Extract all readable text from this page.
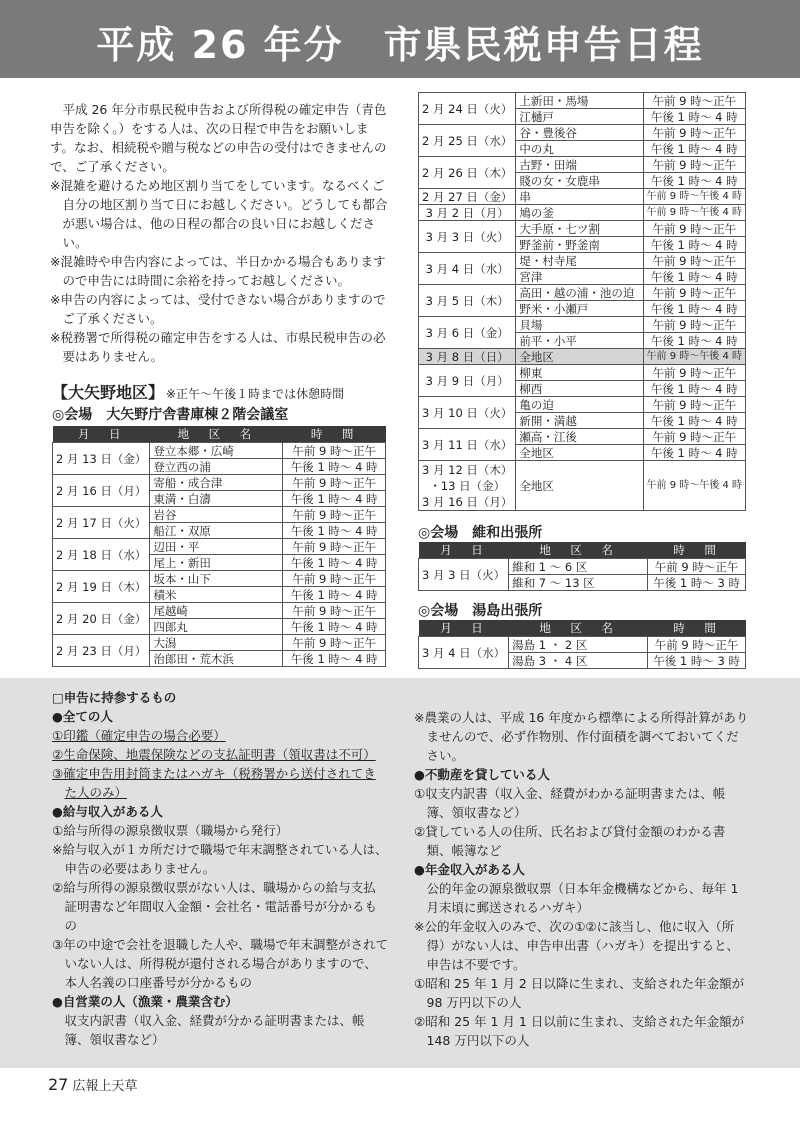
平成 26 年分　市県民税申告日程

平成 26 年分市県民税申告および所得税の確定申告（青色申告を除く。）をする人は、次の日程で申告をお願いします。なお、相続税や贈与税などの申告の受付はできませんので、ご了承ください。

※混雑を避けるため地区割り当てをしています。なるべくご自分の地区割り当て日にお越しください。どうしても都合が悪い場合は、他の日程の都合の良い日にお越しください。
※混雑時や申告内容によっては、半日かかる場合もありますので申告には時間に余裕を持ってお越しください。
※申告の内容によっては、受付できない場合がありますのでご了承ください。
※税務署で所得税の確定申告をする人は、市県民税申告の必要はありません。
【大矢野地区】 ※正午～午後１時までは休憩時間
◎会場　大矢野庁舎書庫棟２階会議室
月　日	地　区　名	時　間
2 月 13 日（金）	登立本郷・広崎	午前 9 時～正午
	登立西の浦	午後 1 時～ 4 時
2 月 16 日（月）	寄船・成合津	午前 9 時～正午
	東満・白濤	午後 1 時～ 4 時
2 月 17 日（火）	岩谷	午前 9 時～正午
	船江・双原	午後 1 時～ 4 時
2 月 18 日（水）	辺田・平	午前 9 時～正午
	尾上・新田	午後 1 時～ 4 時
2 月 19 日（木）	坂本・山下	午前 9 時～正午
	積米	午後 1 時～ 4 時
2 月 20 日（金）	尾越崎	午前 9 時～正午
	四郎丸	午後 1 時～ 4 時
2 月 23 日（月）	大潟	午前 9 時～正午
	治郎田・荒木浜	午後 1 時～ 4 時
2 月 24 日（火）	上新田・馬場	午前 9 時～正午
	江樋戸	午後 1 時～ 4 時
2 月 25 日（水）	谷・豊後谷	午前 9 時～正午
	中の丸	午後 1 時～ 4 時
2 月 26 日（木）	古野・田端	午前 9 時～正午
	賤の女・女鹿串	午後 1 時～ 4 時
2 月 27 日（金）	串	午前 9 時～午後 4 時
3 月 2 日（月）	鳩の釜	午前 9 時～午後 4 時
3 月 3 日（火）	大手原・七ツ割	午前 9 時～正午
	野釜前・野釜南	午後 1 時～ 4 時
3 月 4 日（水）	堤・村寺尾	午前 9 時～正午
	宮津	午後 1 時～ 4 時
3 月 5 日（木）	高田・越の浦・池の迫	午前 9 時～正午
	野米・小瀬戸	午後 1 時～ 4 時
3 月 6 日（金）	貝場	午前 9 時～正午
	前平・小平	午後 1 時～ 4 時
3 月 8 日（日）	全地区	午前 9 時～午後 4 時
3 月 9 日（月）	柳東	午前 9 時～正午
	柳西	午後 1 時～ 4 時
3 月 10 日（火）	亀の迫	午前 9 時～正午
	新開・満越	午後 1 時～ 4 時
3 月 11 日（水）	瀬高・江後	午前 9 時～正午
	全地区	午後 1 時～ 4 時

3 月 12 日（木）
・13 日（金）
3 月 16 日（月）	全地区	午前 9 時～午後 4 時
◎会場　維和出張所
月　日	地　区　名	時　間
3 月 3 日（火）	維和 1 ～ 6 区	午前 9 時～正午
	維和 7 ～ 13 区	午後 1 時～ 3 時
◎会場　湯島出張所
月　日	地　区　名	時　間
3 月 4 日（水）	湯島 1 ・ 2 区	午前 9 時～正午
	湯島 3 ・ 4 区	午後 1 時～ 3 時
□申告に持参するもの
●全ての人
①印鑑（確定申告の場合必要）
②生命保険、地震保険などの支払証明書（領収書は不可）
③確定申告用封筒またはハガキ（税務署から送付されてきた人のみ）
●給与収入がある人
①給与所得の源泉徴収票（職場から発行）
※給与収入が１カ所だけで職場で年末調整されている人は、申告の必要はありません。
②給与所得の源泉徴収票がない人は、職場からの給与支払証明書など年間収入金額・会社名・電話番号が分かるもの
③年の中途で会社を退職した人や、職場で年末調整がされていない人は、所得税が還付される場合がありますので、本人名義の口座番号が分かるもの
●自営業の人（漁業・農業含む）
収支内訳書（収入金、経費が分かる証明書または、帳簿、領収書など）
※農業の人は、平成 16 年度から標準による所得計算がありませんので、必ず作物別、作付面積を調べておいてください。
●不動産を貸している人
①収支内訳書（収入金、経費がわかる証明書または、帳簿、領収書など）
②貸している人の住所、氏名および貸付金額のわかる書類、帳簿など
●年金収入がある人
公的年金の源泉徴収票（日本年金機構などから、毎年 1 月末頃に郵送されるハガキ）
※公的年金収入のみで、次の①②に該当し、他に収入（所得）がない人は、申告申出書（ハガキ）を提出すると、申告は不要です。
①昭和 25 年 1 月 2 日以降に生まれ、支給された年金額が 98 万円以下の人
②昭和 25 年 1 月 1 日以前に生まれ、支給された年金額が 148 万円以下の人
27 広報上天草
